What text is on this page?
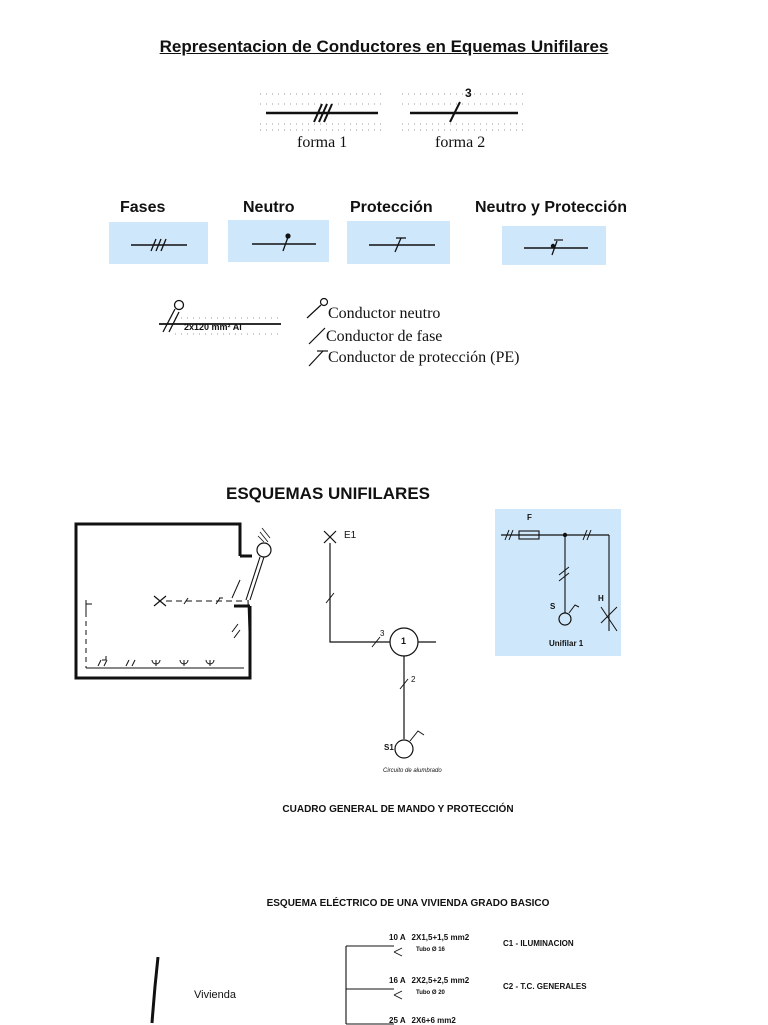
Representacion de Conductores en Equemas Unifilares
3
forma 1	forma 2
Fases	Neutro	Protección	Neutro y Protección
2x120 mm² Al
Conductor neutro
Conductor de fase
Conductor de protección (PE)
ESQUEMAS UNIFILARES
E1
3
1
2
S1
Circuito de alumbrado
F
S
H
Unifilar 1
CUADRO GENERAL DE MANDO Y PROTECCIÓN
ESQUEMA ELÉCTRICO DE UNA VIVIENDA GRADO BASICO
Vivienda
10 A 2X1,5+1,5 mm2
Tubo Ø 16
C1 - ILUMINACION
16 A 2X2,5+2,5 mm2
Tubo Ø 20
C2 - T.C. GENERALES
25 A 2X6+6 mm2
